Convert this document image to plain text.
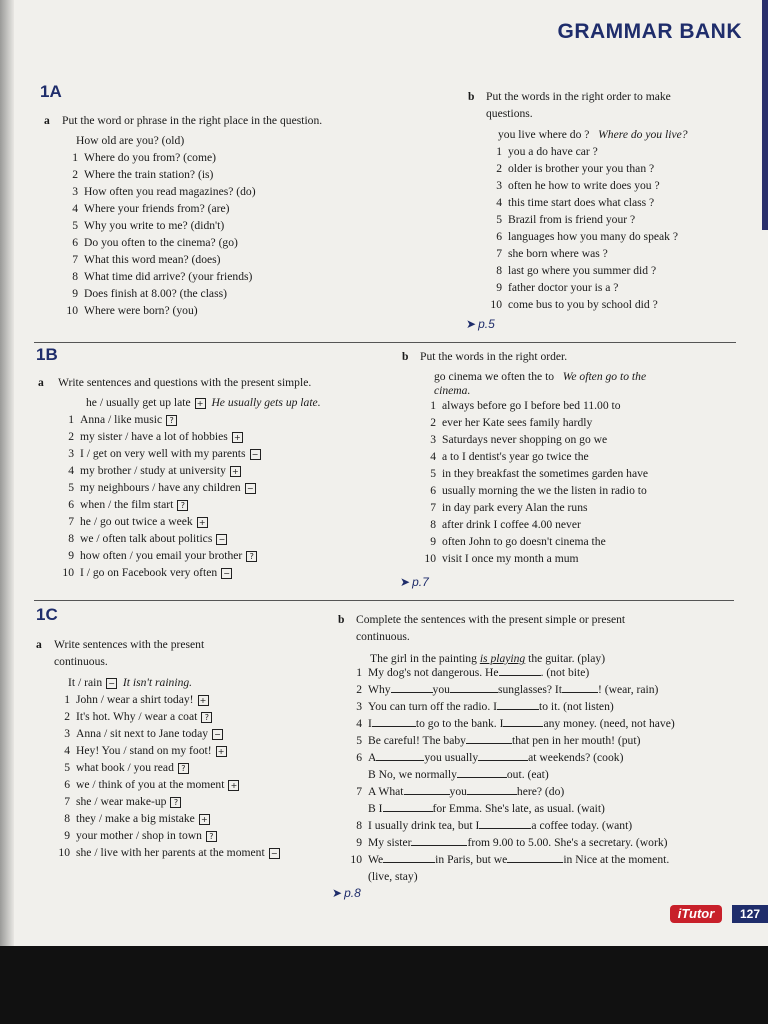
GRAMMAR BANK
1A
a Put the word or phrase in the right place in the question.
How old are you? (old)
1 Where do you from? (come)
2 Where the train station? (is)
3 How often you read magazines? (do)
4 Where your friends from? (are)
5 Why you write to me? (didn't)
6 Do you often to the cinema? (go)
7 What this word mean? (does)
8 What time did arrive? (your friends)
9 Does finish at 8.00? (the class)
10 Where were born? (you)
b Put the words in the right order to make
questions.
you live where do ? Where do you live?
1 you a do have car ?
2 older is brother your you than ?
3 often he how to write does you ?
4 this time start does what class ?
5 Brazil from is friend your ?
6 languages how you many do speak ?
7 she born where was ?
8 last go where you summer did ?
9 father doctor your is a ?
10 come bus to you by school did ?
➤ p.5
1B
a Write sentences and questions with the present simple.
he / usually get up late + He usually gets up late.
1 Anna / like music ?
2 my sister / have a lot of hobbies +
3 I / get on very well with my parents −
4 my brother / study at university +
5 my neighbours / have any children −
6 when / the film start ?
7 he / go out twice a week +
8 we / often talk about politics −
9 how often / you email your brother ?
10 I / go on Facebook very often −
b Put the words in the right order.
go cinema we often the to We often go to the
cinema.
1 always before go I before bed 11.00 to
2 ever her Kate sees family hardly
3 Saturdays never shopping on go we
4 a to I dentist's year go twice the
5 in they breakfast the sometimes garden have
6 usually morning the we the listen in radio to
7 in day park every Alan the runs
8 after drink I coffee 4.00 never
9 often John to go doesn't cinema the
10 visit I once my month a mum
➤ p.7
1C
a Write sentences with the present
continuous.
It / rain − It isn't raining.
1 John / wear a shirt today! +
2 It's hot. Why / wear a coat ?
3 Anna / sit next to Jane today −
4 Hey! You / stand on my foot! +
5 what book / you read ?
6 we / think of you at the moment +
7 she / wear make-up ?
8 they / make a big mistake +
9 your mother / shop in town ?
10 she / live with her parents at the moment −
b Complete the sentences with the present simple or present
continuous.
The girl in the painting is playing the guitar. (play)
1 My dog's not dangerous. He	. (not bite)
2 Why	you	sunglasses? It	! (wear, rain)
3 You can turn off the radio. I	to it. (not listen)
4 I	to go to the bank. I	any money. (need, not have)
5 Be careful! The baby	that pen in her mouth! (put)
6 A	you usually	at weekends? (cook)
B No, we normally	out. (eat)
7 A What	you	here? (do)
B I	for Emma. She's late, as usual. (wait)
8 I usually drink tea, but I	a coffee today. (want)
9 My sister	from 9.00 to 5.00. She's a secretary. (work)
10 We	in Paris, but we	in Nice at the moment.
(live, stay)
➤ p.8
iTutor	127
